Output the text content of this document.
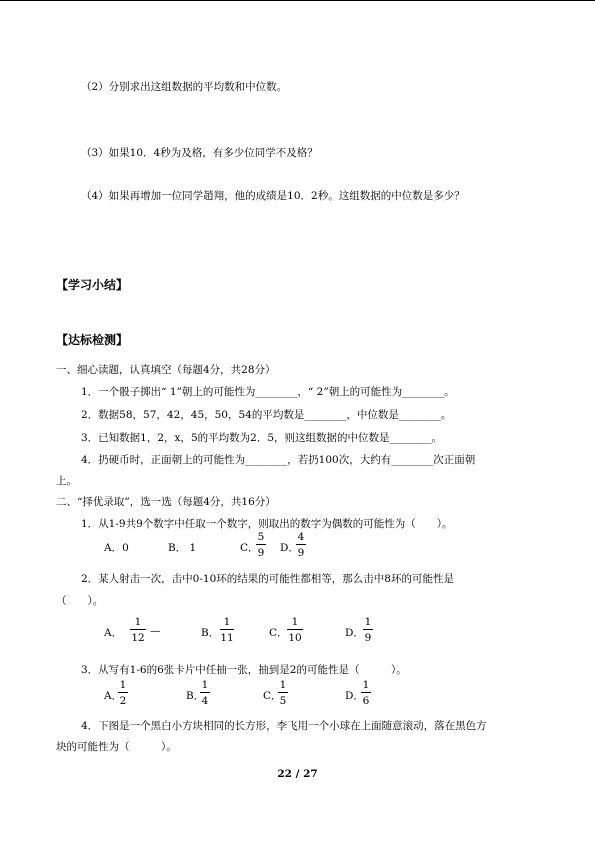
（2）分别求出这组数据的平均数和中位数。
（3）如果10．4秒为及格，有多少位同学不及格？
（4）如果再增加一位同学趙翔，他的成绩是10．2秒。这组数据的中位数是多少？
【学习小结】
【达标检测】
一、细心读题，认真填空（每题4分，共28分）
1．一个骰子掷出“ 1”朝上的可能性为________，“ 2”朝上的可能性为________。
2．数据58，57，42，45，50，54的平均数是________，中位数是________。
3．已知数据1，2，x，5的平均数为2．5，则这组数据的中位数是________。
4．扔硬币时，正面朝上的可能性为________，若扔100次，大约有________次正面朝
上。
二、“择优录取”，选一选（每题4分，共16分）
1．从1-9共9个数字中任取一个数字，则取出的数字为偶数的可能性为（　　）。
A．0	B． 1	C．
5
9 D．
4
9
2．某人射击一次，击中0-10环的结果的可能性都相等，那么击中8环的可能性是
（　　）。
A．
1
12
—	B．
1
11	C．
1
10	D．
1
9
3．从写有1-6的6张卡片中任抽一张，抽到是2的可能性是（　　　）。
A．
1
2	B．
1
4	C．
1
5	D．
1
6
4．下图是一个黑白小方块相同的长方形，李飞用一个小球在上面随意滚动，落在黑色方
块的可能性为（　　　）。
22 / 27
